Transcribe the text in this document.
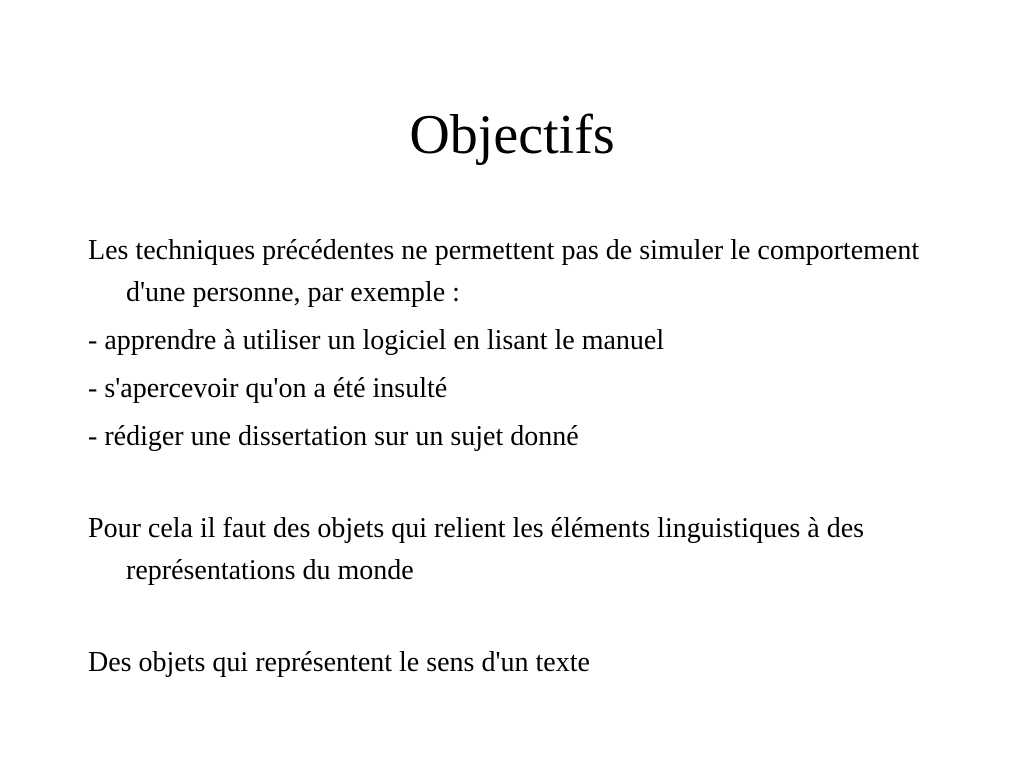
Objectifs

Les techniques précédentes ne permettent pas de simuler le comportement d'une personne, par exemple :

- apprendre à utiliser un logiciel en lisant le manuel

- s'apercevoir qu'on a été insulté

- rédiger une dissertation sur un sujet donné

Pour cela il faut des objets qui relient les éléments linguistiques à des représentations du monde

Des objets qui représentent le sens d'un texte
